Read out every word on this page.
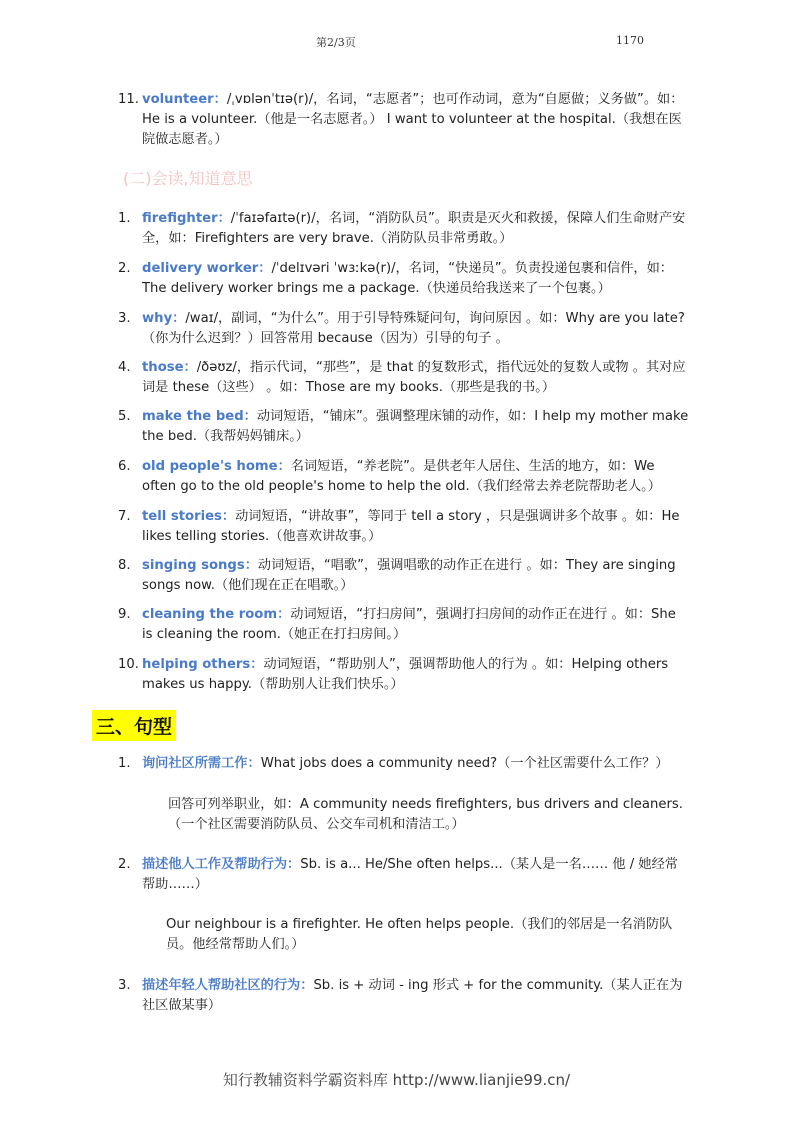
第2/3页	1170
11. volunteer：/ˌvɒlənˈtɪə(r)/，名词，“志愿者”；也可作动词，意为“自愿做；义务做”。如：He is a volunteer.（他是一名志愿者。） I want to volunteer at the hospital.（我想在医院做志愿者。）
(二)会读,知道意思
1. firefighter：/ˈfaɪəfaɪtə(r)/，名词，“消防队员”。职责是灭火和救援，保障人们生命财产安全，如：Firefighters are very brave.（消防队员非常勇敢。）
2. delivery worker：/ˈdelɪvəri ˈwɜːkə(r)/，名词，“快递员”。负责投递包裹和信件，如：The delivery worker brings me a package.（快递员给我送来了一个包裹。）
3. why：/waɪ/，副词，“为什么”。用于引导特殊疑问句，询问原因 。如：Why are you late?（你为什么迟到？）回答常用 because（因为）引导的句子 。
4. those：/ðəʊz/，指示代词，“那些”，是 that 的复数形式，指代远处的复数人或物 。其对应词是 these（这些） 。如：Those are my books.（那些是我的书。）
5. make the bed：动词短语，“铺床”。强调整理床铺的动作，如：I help my mother make the bed.（我帮妈妈铺床。）
6. old people's home：名词短语，“养老院”。是供老年人居住、生活的地方，如：We often go to the old people's home to help the old.（我们经常去养老院帮助老人。）
7. tell stories：动词短语，“讲故事”，等同于 tell a story ，只是强调讲多个故事 。如：He likes telling stories.（他喜欢讲故事。）
8. singing songs：动词短语，“唱歌”，强调唱歌的动作正在进行 。如：They are singing songs now.（他们现在正在唱歌。）
9. cleaning the room：动词短语，“打扫房间”，强调打扫房间的动作正在进行 。如：She is cleaning the room.（她正在打扫房间。）
10. helping others：动词短语，“帮助别人”，强调帮助他人的行为 。如：Helping others makes us happy.（帮助别人让我们快乐。）
三、句型
1. 询问社区所需工作：What jobs does a community need?（一个社区需要什么工作？）
回答可列举职业，如：A community needs firefighters, bus drivers and cleaners.（一个社区需要消防队员、公交车司机和清洁工。）
2. 描述他人工作及帮助行为：Sb. is a... He/She often helps...（某人是一名…… 他 / 她经常帮助……）
Our neighbour is a firefighter. He often helps people.（我们的邻居是一名消防队员。他经常帮助人们。）
3. 描述年轻人帮助社区的行为：Sb. is + 动词 - ing 形式 + for the community.（某人正在为社区做某事）
知行教辅资料学霸资料库 http://www.lianjie99.cn/
